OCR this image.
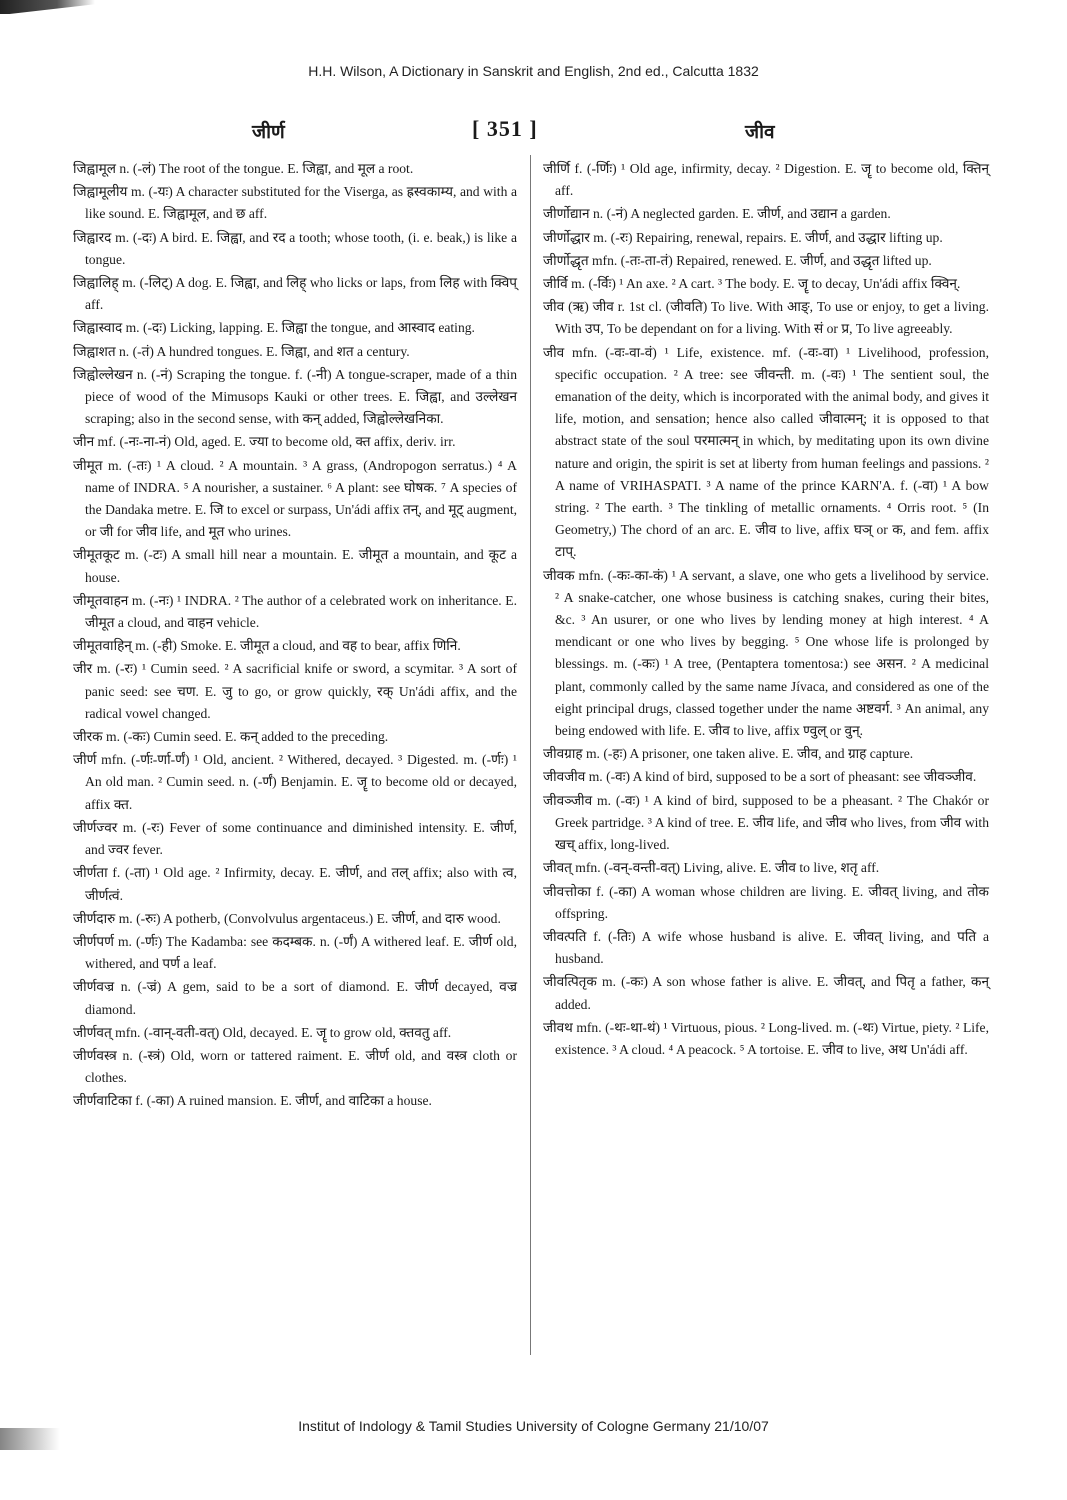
H.H. Wilson, A Dictionary in Sanskrit and English, 2nd ed., Calcutta 1832
जीर्ण	[ 351 ]	जीव

जिह्वामूल n. (-लं) The root of the tongue. E. जिह्वा, and मूल a root.

जिह्वामूलीय m. (-यः) A character substituted for the Viserga, as ह्रस्वकाम्य, and with a like sound. E. जिह्वामूल, and छ aff.

जिह्वारद m. (-दः) A bird. E. जिह्वा, and रद a tooth; whose tooth, (i. e. beak,) is like a tongue.

जिह्वालिह् m. (-लिट्) A dog. E. जिह्वा, and लिह् who licks or laps, from लिह with क्विप् aff.

जिह्वास्वाद m. (-दः) Licking, lapping. E. जिह्वा the tongue, and आस्वाद eating.

जिह्वाशत n. (-तं) A hundred tongues. E. जिह्वा, and शत a century.

जिह्वोल्लेखन n. (-नं) Scraping the tongue. f. (-नी) A tongue-scraper, made of a thin piece of wood of the Mimusops Kauki or other trees. E. जिह्वा, and उल्लेखन scraping; also in the second sense, with कन् added, जिह्वोल्लेखनिका.

जीन mf. (-नः-ना-नं) Old, aged. E. ज्या to become old, क्त affix, deriv. irr.

जीमूत m. (-तः) ¹ A cloud. ² A mountain. ³ A grass, (Andropogon serratus.) ⁴ A name of INDRA. ⁵ A nourisher, a sustainer. ⁶ A plant: see घोषक. ⁷ A species of the Dandaka metre. E. जि to excel or surpass, Un'ádi affix तन्, and मूट् augment, or जी for जीव life, and मूत who urines.

जीमूतकूट m. (-टः) A small hill near a mountain. E. जीमूत a mountain, and कूट a house.

जीमूतवाहन m. (-नः) ¹ INDRA. ² The author of a celebrated work on inheritance. E. जीमूत a cloud, and वाहन vehicle.

जीमूतवाहिन् m. (-ही) Smoke. E. जीमूत a cloud, and वह to bear, affix णिनि.

जीर m. (-रः) ¹ Cumin seed. ² A sacrificial knife or sword, a scymitar. ³ A sort of panic seed: see चण. E. जु to go, or grow quickly, रक् Un'ádi affix, and the radical vowel changed.

जीरक m. (-कः) Cumin seed. E. कन् added to the preceding.

जीर्ण mfn. (-र्णः-र्णा-र्णं) ¹ Old, ancient. ² Withered, decayed. ³ Digested. m. (-र्णः) ¹ An old man. ² Cumin seed. n. (-र्णं) Benjamin. E. जॄ to become old or decayed, affix क्त.

जीर्णज्वर m. (-रः) Fever of some continuance and diminished intensity. E. जीर्ण, and ज्वर fever.

जीर्णता f. (-ता) ¹ Old age. ² Infirmity, decay. E. जीर्ण, and तल् affix; also with त्व, जीर्णत्वं.

जीर्णदारु m. (-रुः) A potherb, (Convolvulus argentaceus.) E. जीर्ण, and दारु wood.

जीर्णपर्ण m. (-र्णः) The Kadamba: see कदम्बक. n. (-र्णं) A withered leaf. E. जीर्ण old, withered, and पर्ण a leaf.

जीर्णवज्र n. (-ज्रं) A gem, said to be a sort of diamond. E. जीर्ण decayed, वज्र diamond.

जीर्णवत् mfn. (-वान्-वती-वत्) Old, decayed. E. जॄ to grow old, क्तवतु aff.

जीर्णवस्त्र n. (-स्त्रं) Old, worn or tattered raiment. E. जीर्ण old, and वस्त्र cloth or clothes.

जीर्णवाटिका f. (-का) A ruined mansion. E. जीर्ण, and वाटिका a house.

जीर्णि f. (-र्णिः) ¹ Old age, infirmity, decay. ² Digestion. E. जॄ to become old, क्तिन् aff.

जीर्णोद्यान n. (-नं) A neglected garden. E. जीर्ण, and उद्यान a garden.

जीर्णोद्धार m. (-रः) Repairing, renewal, repairs. E. जीर्ण, and उद्धार lifting up.

जीर्णोद्धृत mfn. (-तः-ता-तं) Repaired, renewed. E. जीर्ण, and उद्धृत lifted up.

जीर्वि m. (-र्विः) ¹ An axe. ² A cart. ³ The body. E. जॄ to decay, Un'ádi affix क्विन्.

जीव (ऋ) जीव r. 1st cl. (जीवति) To live. With आङ्, To use or enjoy, to get a living. With उप, To be dependant on for a living. With सं or प्र, To live agreeably.

जीव mfn. (-वः-वा-वं) ¹ Life, existence. mf. (-वः-वा) ¹ Livelihood, profession, specific occupation. ² A tree: see जीवन्ती. m. (-वः) ¹ The sentient soul, the emanation of the deity, which is incorporated with the animal body, and gives it life, motion, and sensation; hence also called जीवात्मन्; it is opposed to that abstract state of the soul परमात्मन् in which, by meditating upon its own divine nature and origin, the spirit is set at liberty from human feelings and passions. ² A name of VRIHASPATI. ³ A name of the prince KARN'A. f. (-वा) ¹ A bow string. ² The earth. ³ The tinkling of metallic ornaments. ⁴ Orris root. ⁵ (In Geometry,) The chord of an arc. E. जीव to live, affix घञ् or क, and fem. affix टाप्.

जीवक mfn. (-कः-का-कं) ¹ A servant, a slave, one who gets a livelihood by service. ² A snake-catcher, one whose business is catching snakes, curing their bites, &c. ³ An usurer, or one who lives by lending money at high interest. ⁴ A mendicant or one who lives by begging. ⁵ One whose life is prolonged by blessings. m. (-कः) ¹ A tree, (Pentaptera tomentosa:) see असन. ² A medicinal plant, commonly called by the same name Jívaca, and considered as one of the eight principal drugs, classed together under the name अष्टवर्ग. ³ An animal, any being endowed with life. E. जीव to live, affix ण्वुल् or वुन्.

जीवग्राह m. (-हः) A prisoner, one taken alive. E. जीव, and ग्राह capture.

जीवजीव m. (-वः) A kind of bird, supposed to be a sort of pheasant: see जीवञ्जीव.

जीवञ्जीव m. (-वः) ¹ A kind of bird, supposed to be a pheasant. ² The Chakór or Greek partridge. ³ A kind of tree. E. जीव life, and जीव who lives, from जीव with खच् affix, long-lived.

जीवत् mfn. (-वन्-वन्ती-वत्) Living, alive. E. जीव to live, शतृ aff.

जीवत्तोका f. (-का) A woman whose children are living. E. जीवत् living, and तोक offspring.

जीवत्पति f. (-तिः) A wife whose husband is alive. E. जीवत् living, and पति a husband.

जीवत्पितृक m. (-कः) A son whose father is alive. E. जीवत्, and पितृ a father, कन् added.

जीवथ mfn. (-थः-था-थं) ¹ Virtuous, pious. ² Long-lived. m. (-थः) Virtue, piety. ² Life, existence. ³ A cloud. ⁴ A peacock. ⁵ A tortoise. E. जीव to live, अथ Un'ádi aff.

Institut of Indology & Tamil Studies University of Cologne Germany 21/10/07
